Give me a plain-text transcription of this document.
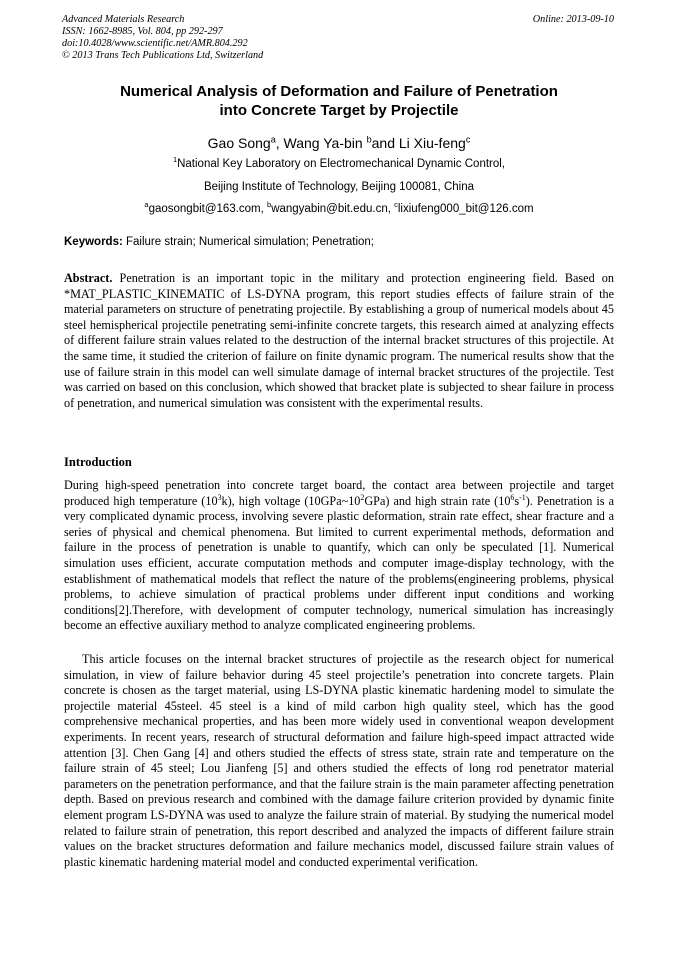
Advanced Materials Research
ISSN: 1662-8985, Vol. 804, pp 292-297
doi:10.4028/www.scientific.net/AMR.804.292
© 2013 Trans Tech Publications Ltd, Switzerland
Online: 2013-09-10
Numerical Analysis of Deformation and Failure of Penetration
into Concrete Target by Projectile
Gao Song$^a$, Wang Ya-bin $^b$and Li Xiu-feng$^c$
$^1$National Key Laboratory on Electromechanical Dynamic Control,
Beijing Institute of Technology, Beijing 100081, China
$^a$gaosongbit@163.com, $^b$wangyabin@bit.edu.cn, $^c$lixiufeng000_bit@126.com
Keywords: Failure strain; Numerical simulation; Penetration;
Abstract. Penetration is an important topic in the military and protection engineering field. Based on *MAT_PLASTIC_KINEMATIC of LS-DYNA program, this report studies effects of failure strain of the material parameters on structure of penetrating projectile. By establishing a group of numerical models about 45 steel hemispherical projectile penetrating semi-infinite concrete targets, this research aimed at analyzing effects of different failure strain values related to the destruction of the internal bracket structures of this projectile. At the same time, it studied the criterion of failure on finite dynamic program. The numerical results show that the use of failure strain in this model can well simulate damage of internal bracket structures of the projectile. Test was carried on based on this conclusion, which showed that bracket plate is subjected to shear failure in process of penetration, and numerical simulation was consistent with the experimental results.
Introduction
During high-speed penetration into concrete target board, the contact area between projectile and target produced high temperature $(10^3k)$, high voltage $(10GPa\sim 10^2GPa)$ and high strain rate $(10^6s^{-1})$. Penetration is a very complicated dynamic process, involving severe plastic deformation, strain rate effect, shear fracture and a series of physical and chemical phenomena. But limited to current experimental methods, deformation and failure in the process of penetration is unable to quantify, which can only be speculated [1]. Numerical simulation uses efficient, accurate computation methods and computer image-display technology, with the establishment of mathematical models that reflect the nature of the problems(engineering problems, physical problems, to achieve simulation of practical problems under different input conditions and working conditions[2].Therefore, with development of computer technology, numerical simulation has increasingly become an effective auxiliary method to analyze complicated engineering problems.
This article focuses on the internal bracket structures of projectile as the research object for numerical simulation, in view of failure behavior during 45 steel projectile’s penetration into concrete targets. Plain concrete is chosen as the target material, using LS-DYNA plastic kinematic hardening model to simulate the projectile material 45steel. 45 steel is a kind of mild carbon high quality steel, which has the good comprehensive mechanical properties, and has been more widely used in conventional weapon development experiments. In recent years, research of structural deformation and failure high-speed impact attracted wide attention [3]. Chen Gang [4] and others studied the effects of stress state, strain rate and temperature on the failure strain of 45 steel; Lou Jianfeng [5] and others studied the effects of long rod penetrator material parameters on the penetration performance, and that the failure strain is the main parameter affecting penetration depth. Based on previous research and combined with the damage failure criterion provided by dynamic finite element program LS-DYNA was used to analyze the failure strain of material. By studying the numerical model related to failure strain of penetration, this report described and analyzed the impacts of different failure strain values on the bracket structures deformation and failure mechanics model, discussed failure strain values of plastic kinematic hardening material model and conducted experimental verification.
